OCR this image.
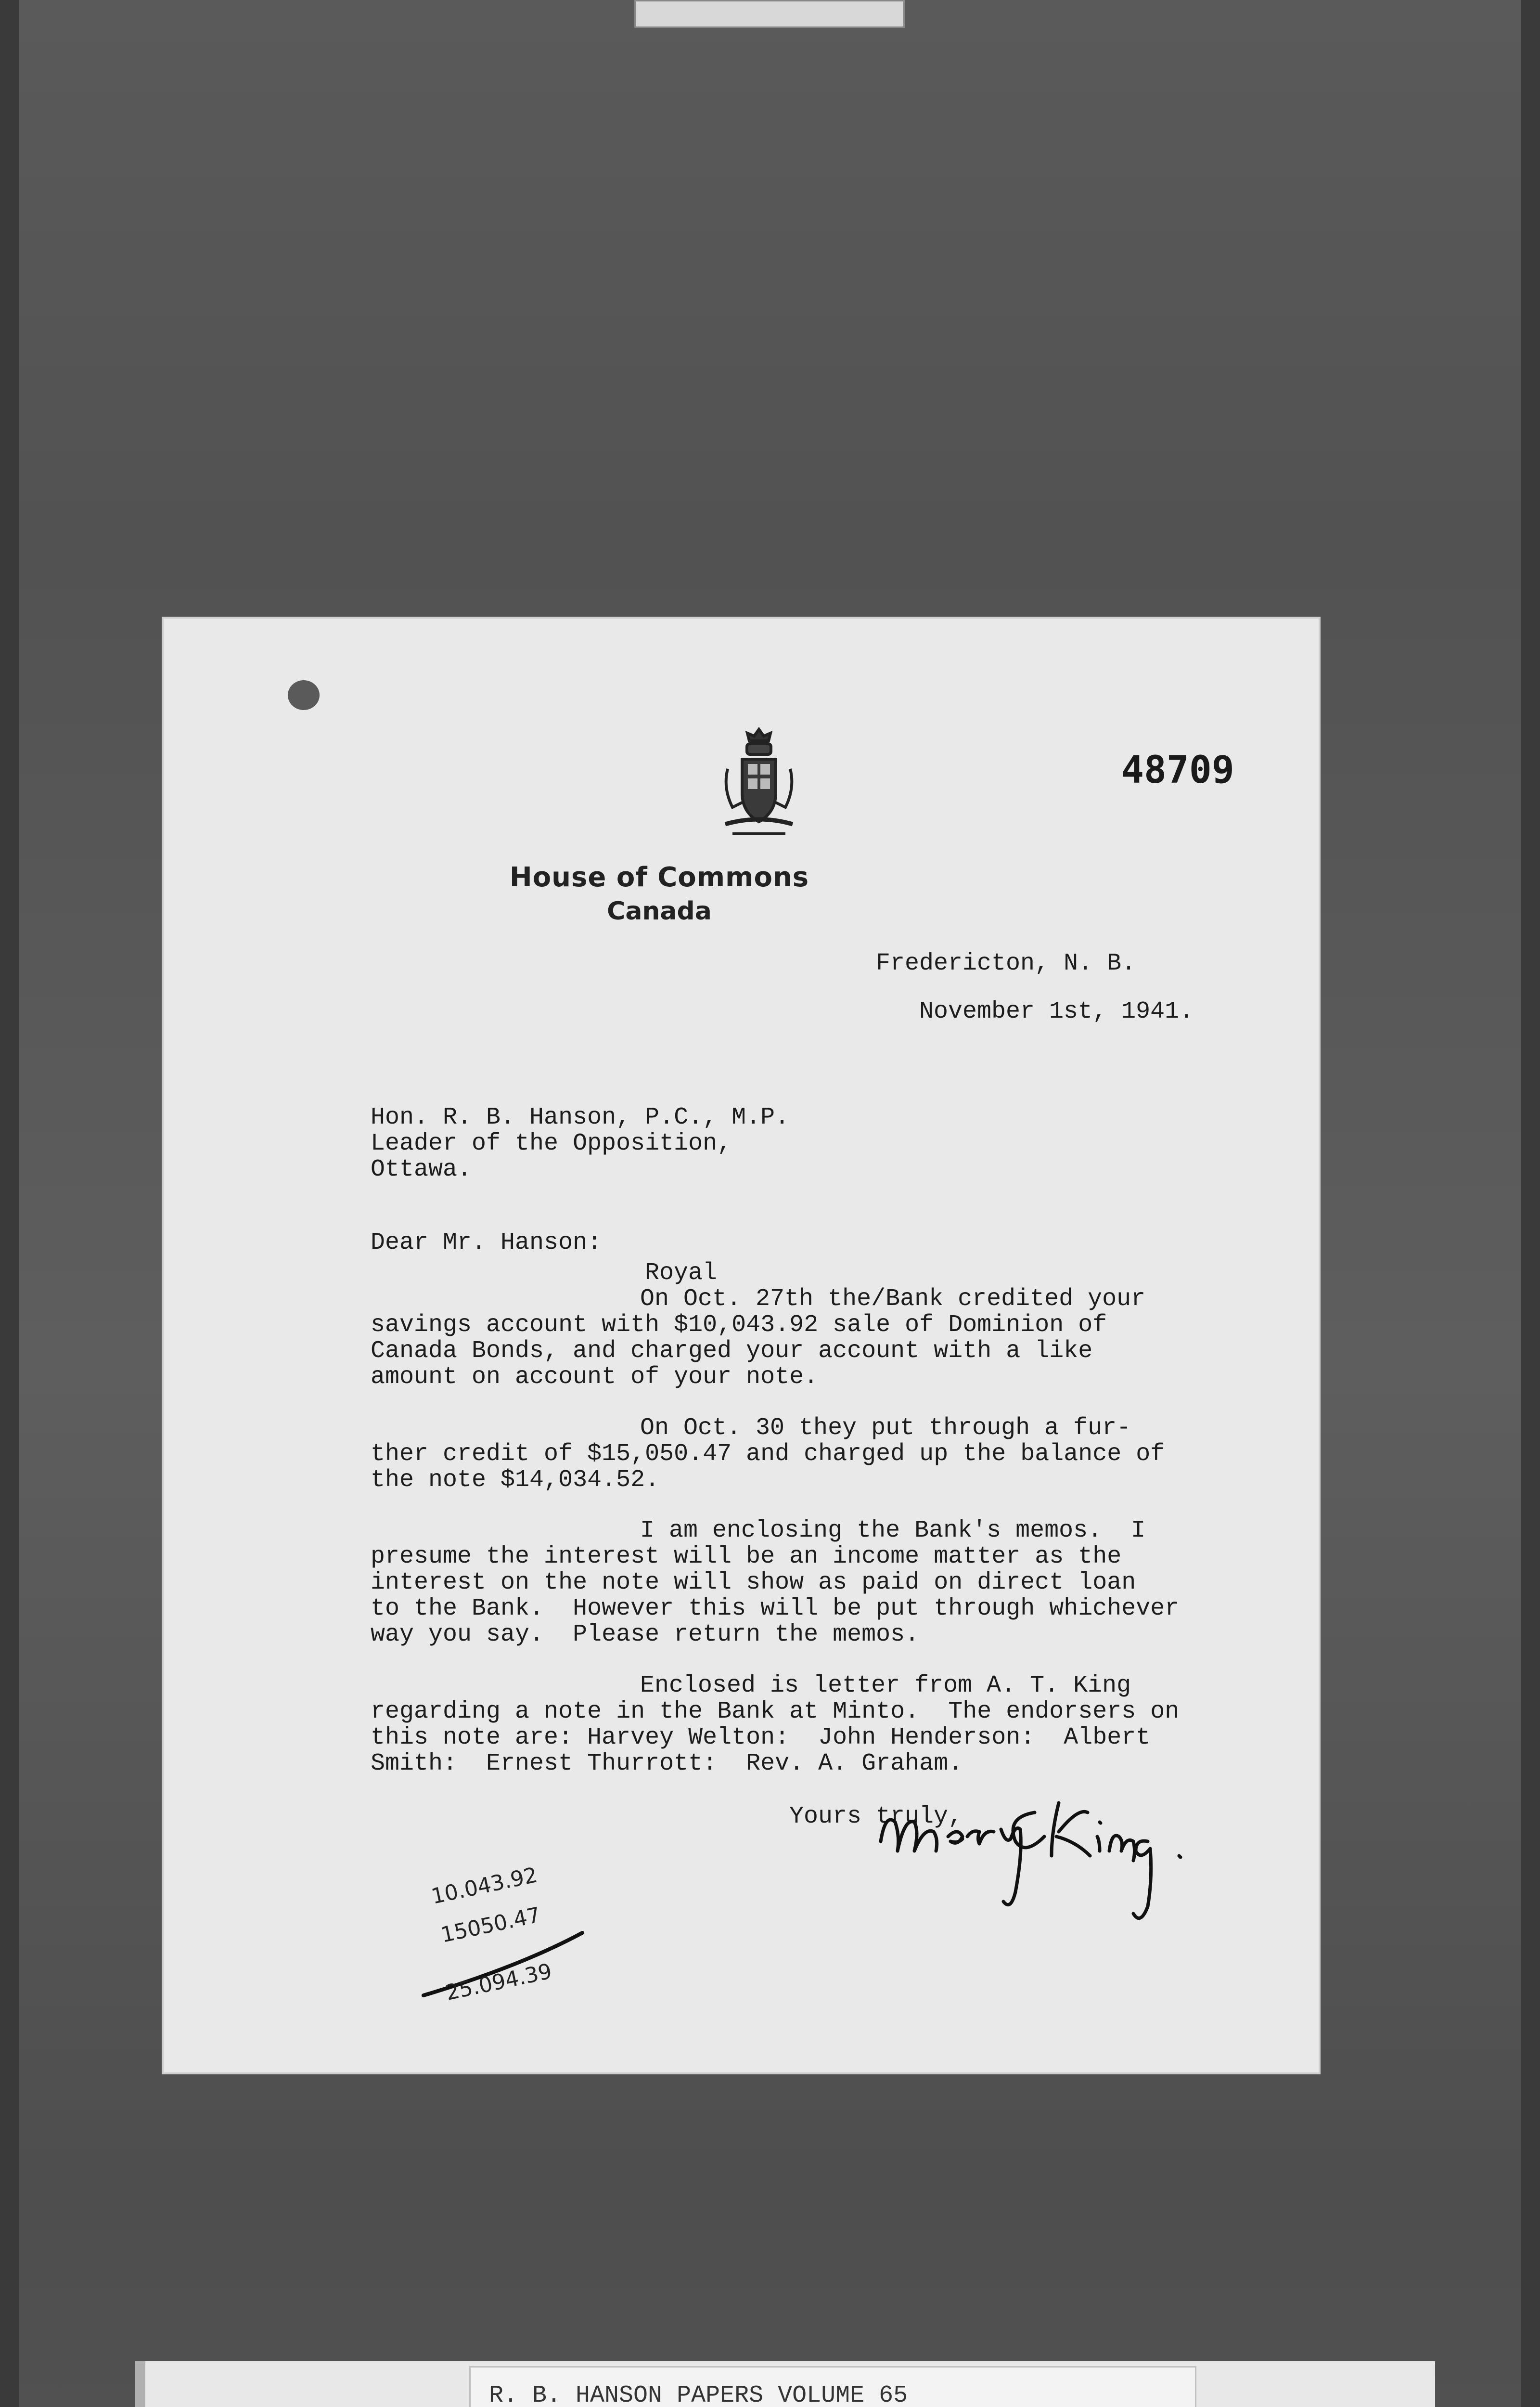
48709
House of Commons
Canada
Fredericton, N. B.
November 1st, 1941.
Hon. R. B. Hanson, P.C., M.P.
Leader of the Opposition,
Ottawa.
Dear Mr. Hanson:
Royal
On Oct. 27th the/Bank credited your
savings account with $10,043.92 sale of Dominion of
Canada Bonds, and charged your account with a like
amount on account of your note.
On Oct. 30 they put through a fur-
ther credit of $15,050.47 and charged up the balance of
the note $14,034.52.
I am enclosing the Bank's memos.  I
presume the interest will be an income matter as the
interest on the note will show as paid on direct loan
to the Bank.  However this will be put through whichever
way you say.  Please return the memos.
Enclosed is letter from A. T. King
regarding a note in the Bank at Minto.  The endorsers on
this note are: Harvey Welton:  John Henderson:  Albert
Smith:  Ernest Thurrott:  Rev. A. Graham.
Yours truly,
10.043.92
15050.47
25.094.39
R. B. HANSON PAPERS VOLUME 65
